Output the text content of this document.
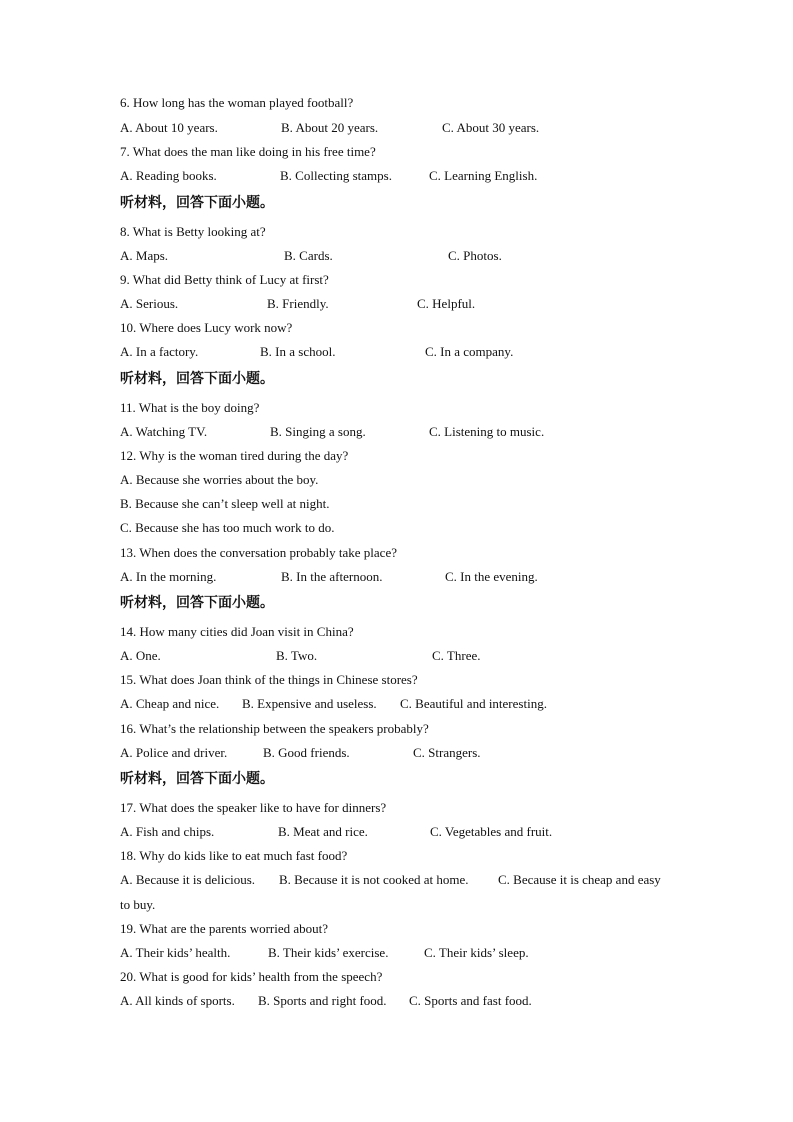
6. How long has the woman played football?
A. About 10 years.	B. About 20 years.	C. About 30 years.
7. What does the man like doing in his free time?
A. Reading books.	B. Collecting stamps.	C. Learning English.
听材料，回答下面小题。
8. What is Betty looking at?
A. Maps.	B. Cards.	C. Photos.
9. What did Betty think of Lucy at first?
A. Serious.	B. Friendly.	C. Helpful.
10. Where does Lucy work now?
A. In a factory.	B. In a school.	C. In a company.
听材料，回答下面小题。
11. What is the boy doing?
A. Watching TV.	B. Singing a song.	C. Listening to music.
12. Why is the woman tired during the day?
A. Because she worries about the boy.
B. Because she can’t sleep well at night.
C. Because she has too much work to do.
13. When does the conversation probably take place?
A. In the morning.	B. In the afternoon.	C. In the evening.
听材料，回答下面小题。
14. How many cities did Joan visit in China?
A. One.	B. Two.	C. Three.
15. What does Joan think of the things in Chinese stores?
A. Cheap and nice. B. Expensive and useless. C. Beautiful and interesting.
16. What’s the relationship between the speakers probably?
A. Police and driver.	B. Good friends.	C. Strangers.
听材料，回答下面小题。
17. What does the speaker like to have for dinners?
A. Fish and chips.	B. Meat and rice.	C. Vegetables and fruit.
18. Why do kids like to eat much fast food?
A. Because it is delicious. B. Because it is not cooked at home. C. Because it is cheap and easy
to buy.
19. What are the parents worried about?
A. Their kids’ health.	B. Their kids’ exercise.	C. Their kids’ sleep.
20. What is good for kids’ health from the speech?
A. All kinds of sports. B. Sports and right food. C. Sports and fast food.
